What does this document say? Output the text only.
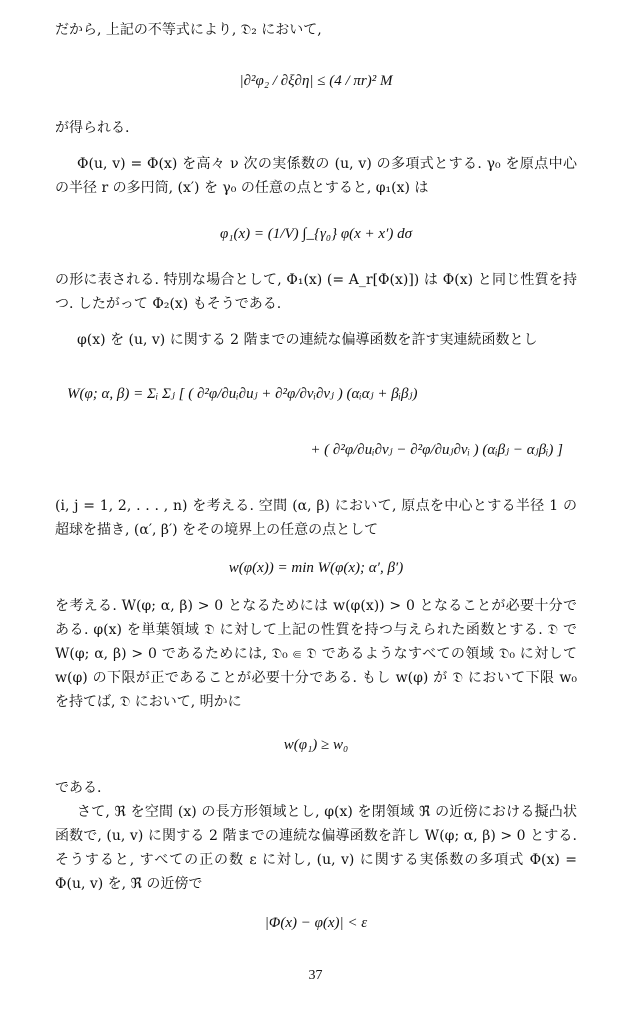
だから, 上記の不等式により, 𝔇₂ において,

|∂²φ₂ / ∂ξ∂η| ≤ (4 / πr)² M

が得られる.

Φ(u, v) = Φ(x) を高々 ν 次の実係数の (u, v) の多項式とする. γ₀ を原点中心の半径 r の多円筒, (x′) を γ₀ の任意の点とすると, φ₁(x) は

φ₁(x) = (1/V) ∫_{γ₀} φ(x + x′) dσ

の形に表される. 特別な場合として, Φ₁(x) (= A_r[Φ(x)]) は Φ(x) と同じ性質を持つ. したがって Φ₂(x) もそうである.

φ(x) を (u, v) に関する 2 階までの連続な偏導函数を許す実連続函数とし

W(φ; α, β) = Σᵢ Σⱼ [ ( ∂²φ/∂uᵢ∂uⱼ + ∂²φ/∂vᵢ∂vⱼ ) (αᵢαⱼ + βᵢβⱼ)
+ ( ∂²φ/∂uᵢ∂vⱼ − ∂²φ/∂uⱼ∂vᵢ ) (αᵢβⱼ − αⱼβᵢ) ]

(i, j = 1, 2, . . . , n) を考える. 空間 (α, β) において, 原点を中心とする半径 1 の超球を描き, (α′, β′) をその境界上の任意の点として

w(φ(x)) = min W(φ(x); α′, β′)

を考える. W(φ; α, β) > 0 となるためには w(φ(x)) > 0 となることが必要十分である. φ(x) を単葉領域 𝔇 に対して上記の性質を持つ与えられた函数とする. 𝔇 で W(φ; α, β) > 0 であるためには, 𝔇₀ ⋐ 𝔇 であるようなすべての領域 𝔇₀ に対して w(φ) の下限が正であることが必要十分である. もし w(φ) が 𝔇 において下限 w₀ を持てば, 𝔇 において, 明かに

w(φ₁) ≥ w₀

である.

さて, ℜ を空間 (x) の長方形領域とし, φ(x) を閉領域 ℜ̄ の近傍における擬凸状函数で, (u, v) に関する 2 階までの連続な偏導函数を許し W(φ; α, β) > 0 とする. そうすると, すべての正の数 ε に対し, (u, v) に関する実係数の多項式 Φ(x) = Φ(u, v) を, ℜ̄ の近傍で

|Φ(x) − φ(x)| < ε

37
